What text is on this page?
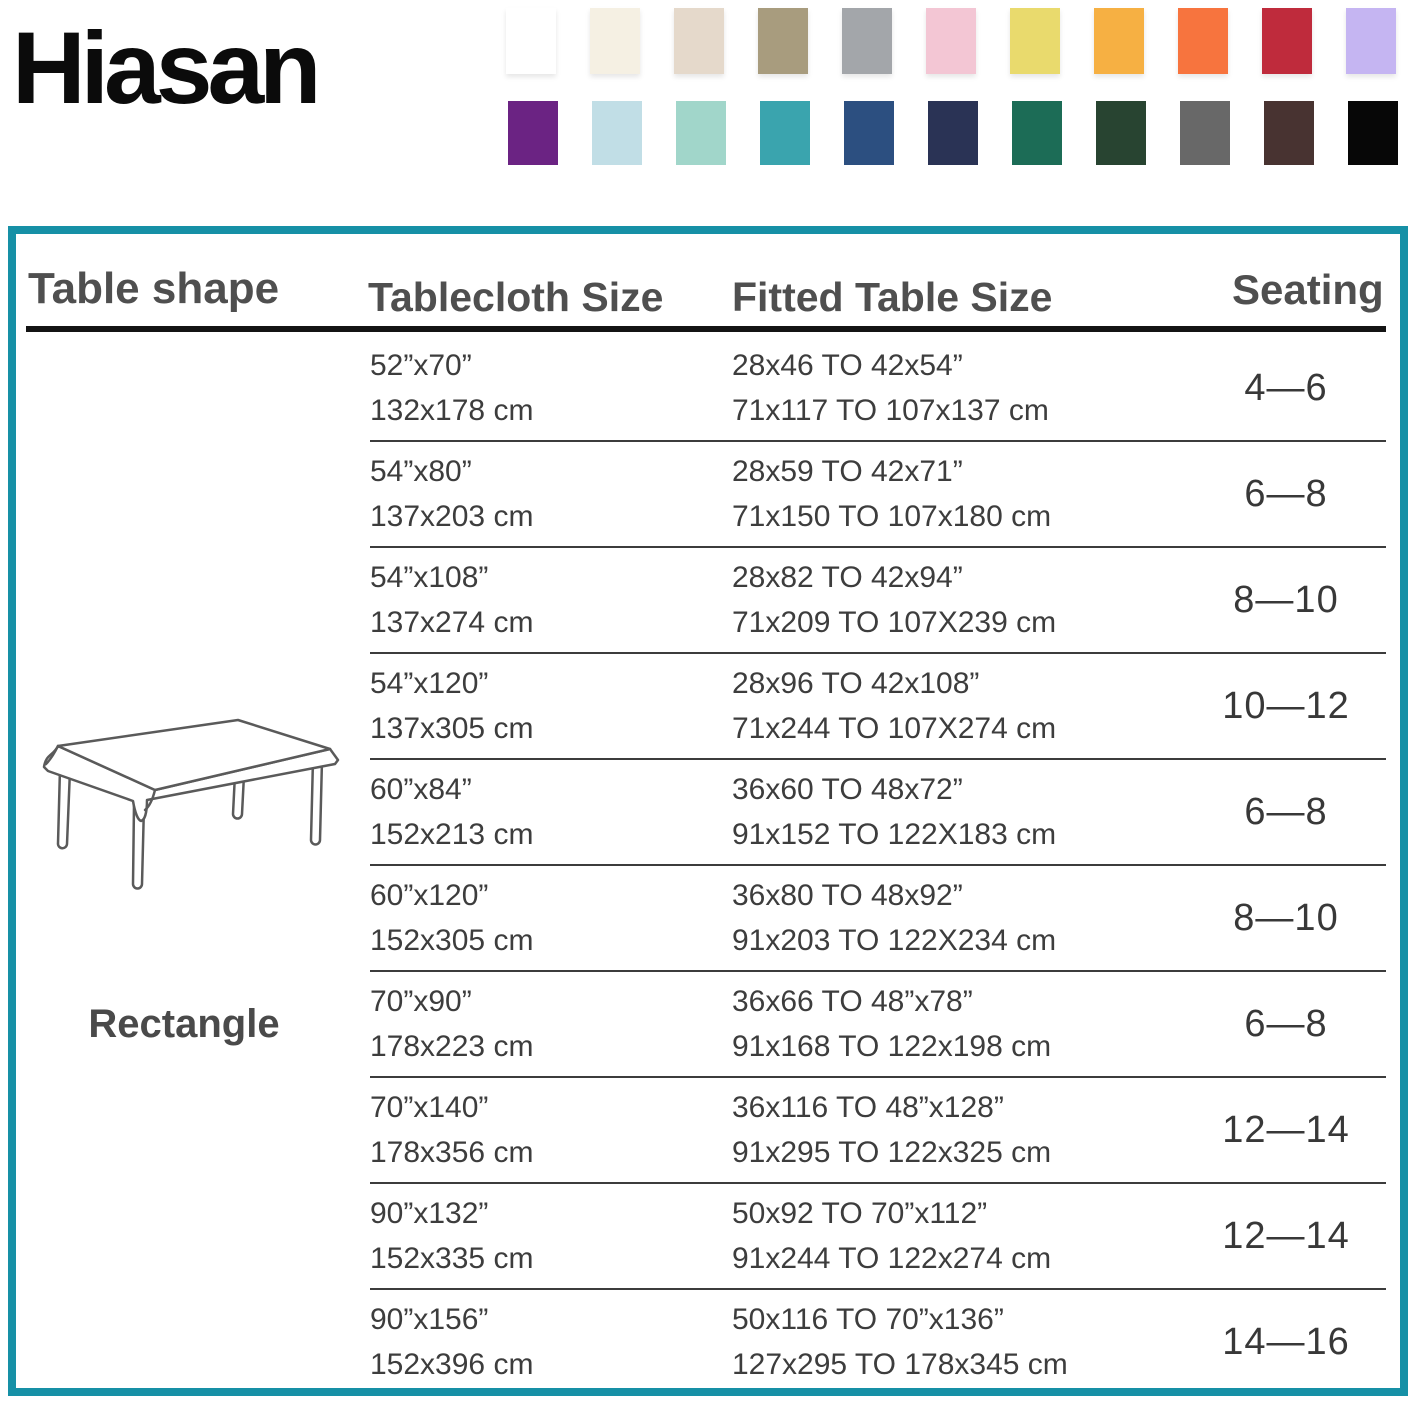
Hiasan
Table shape Tablecloth Size Fitted Table Size	Seating
52”x70”
132x178 cm
28x46 TO 42x54”
71x117 TO 107x137 cm
4—6
54”x80”
137x203 cm
28x59 TO 42x71”
71x150 TO 107x180 cm
6—8
54”x108”
137x274 cm
28x82 TO 42x94”
71x209 TO 107X239 cm
8—10
54”x120”
137x305 cm
28x96 TO 42x108”
71x244 TO 107X274 cm
10—12
60”x84”
152x213 cm
36x60 TO 48x72”
91x152 TO 122X183 cm
6—8
60”x120”
152x305 cm
36x80 TO 48x92”
91x203 TO 122X234 cm
8—10
70”x90”
178x223 cm
36x66 TO 48”x78”
91x168 TO 122x198 cm
6—8
70”x140”
178x356 cm
36x116 TO 48”x128”
91x295 TO 122x325 cm
12—14
90”x132”
152x335 cm
50x92 TO 70”x112”
91x244 TO 122x274 cm
12—14
90”x156”
152x396 cm
50x116 TO 70”x136”
127x295 TO 178x345 cm
14—16
Rectangle
